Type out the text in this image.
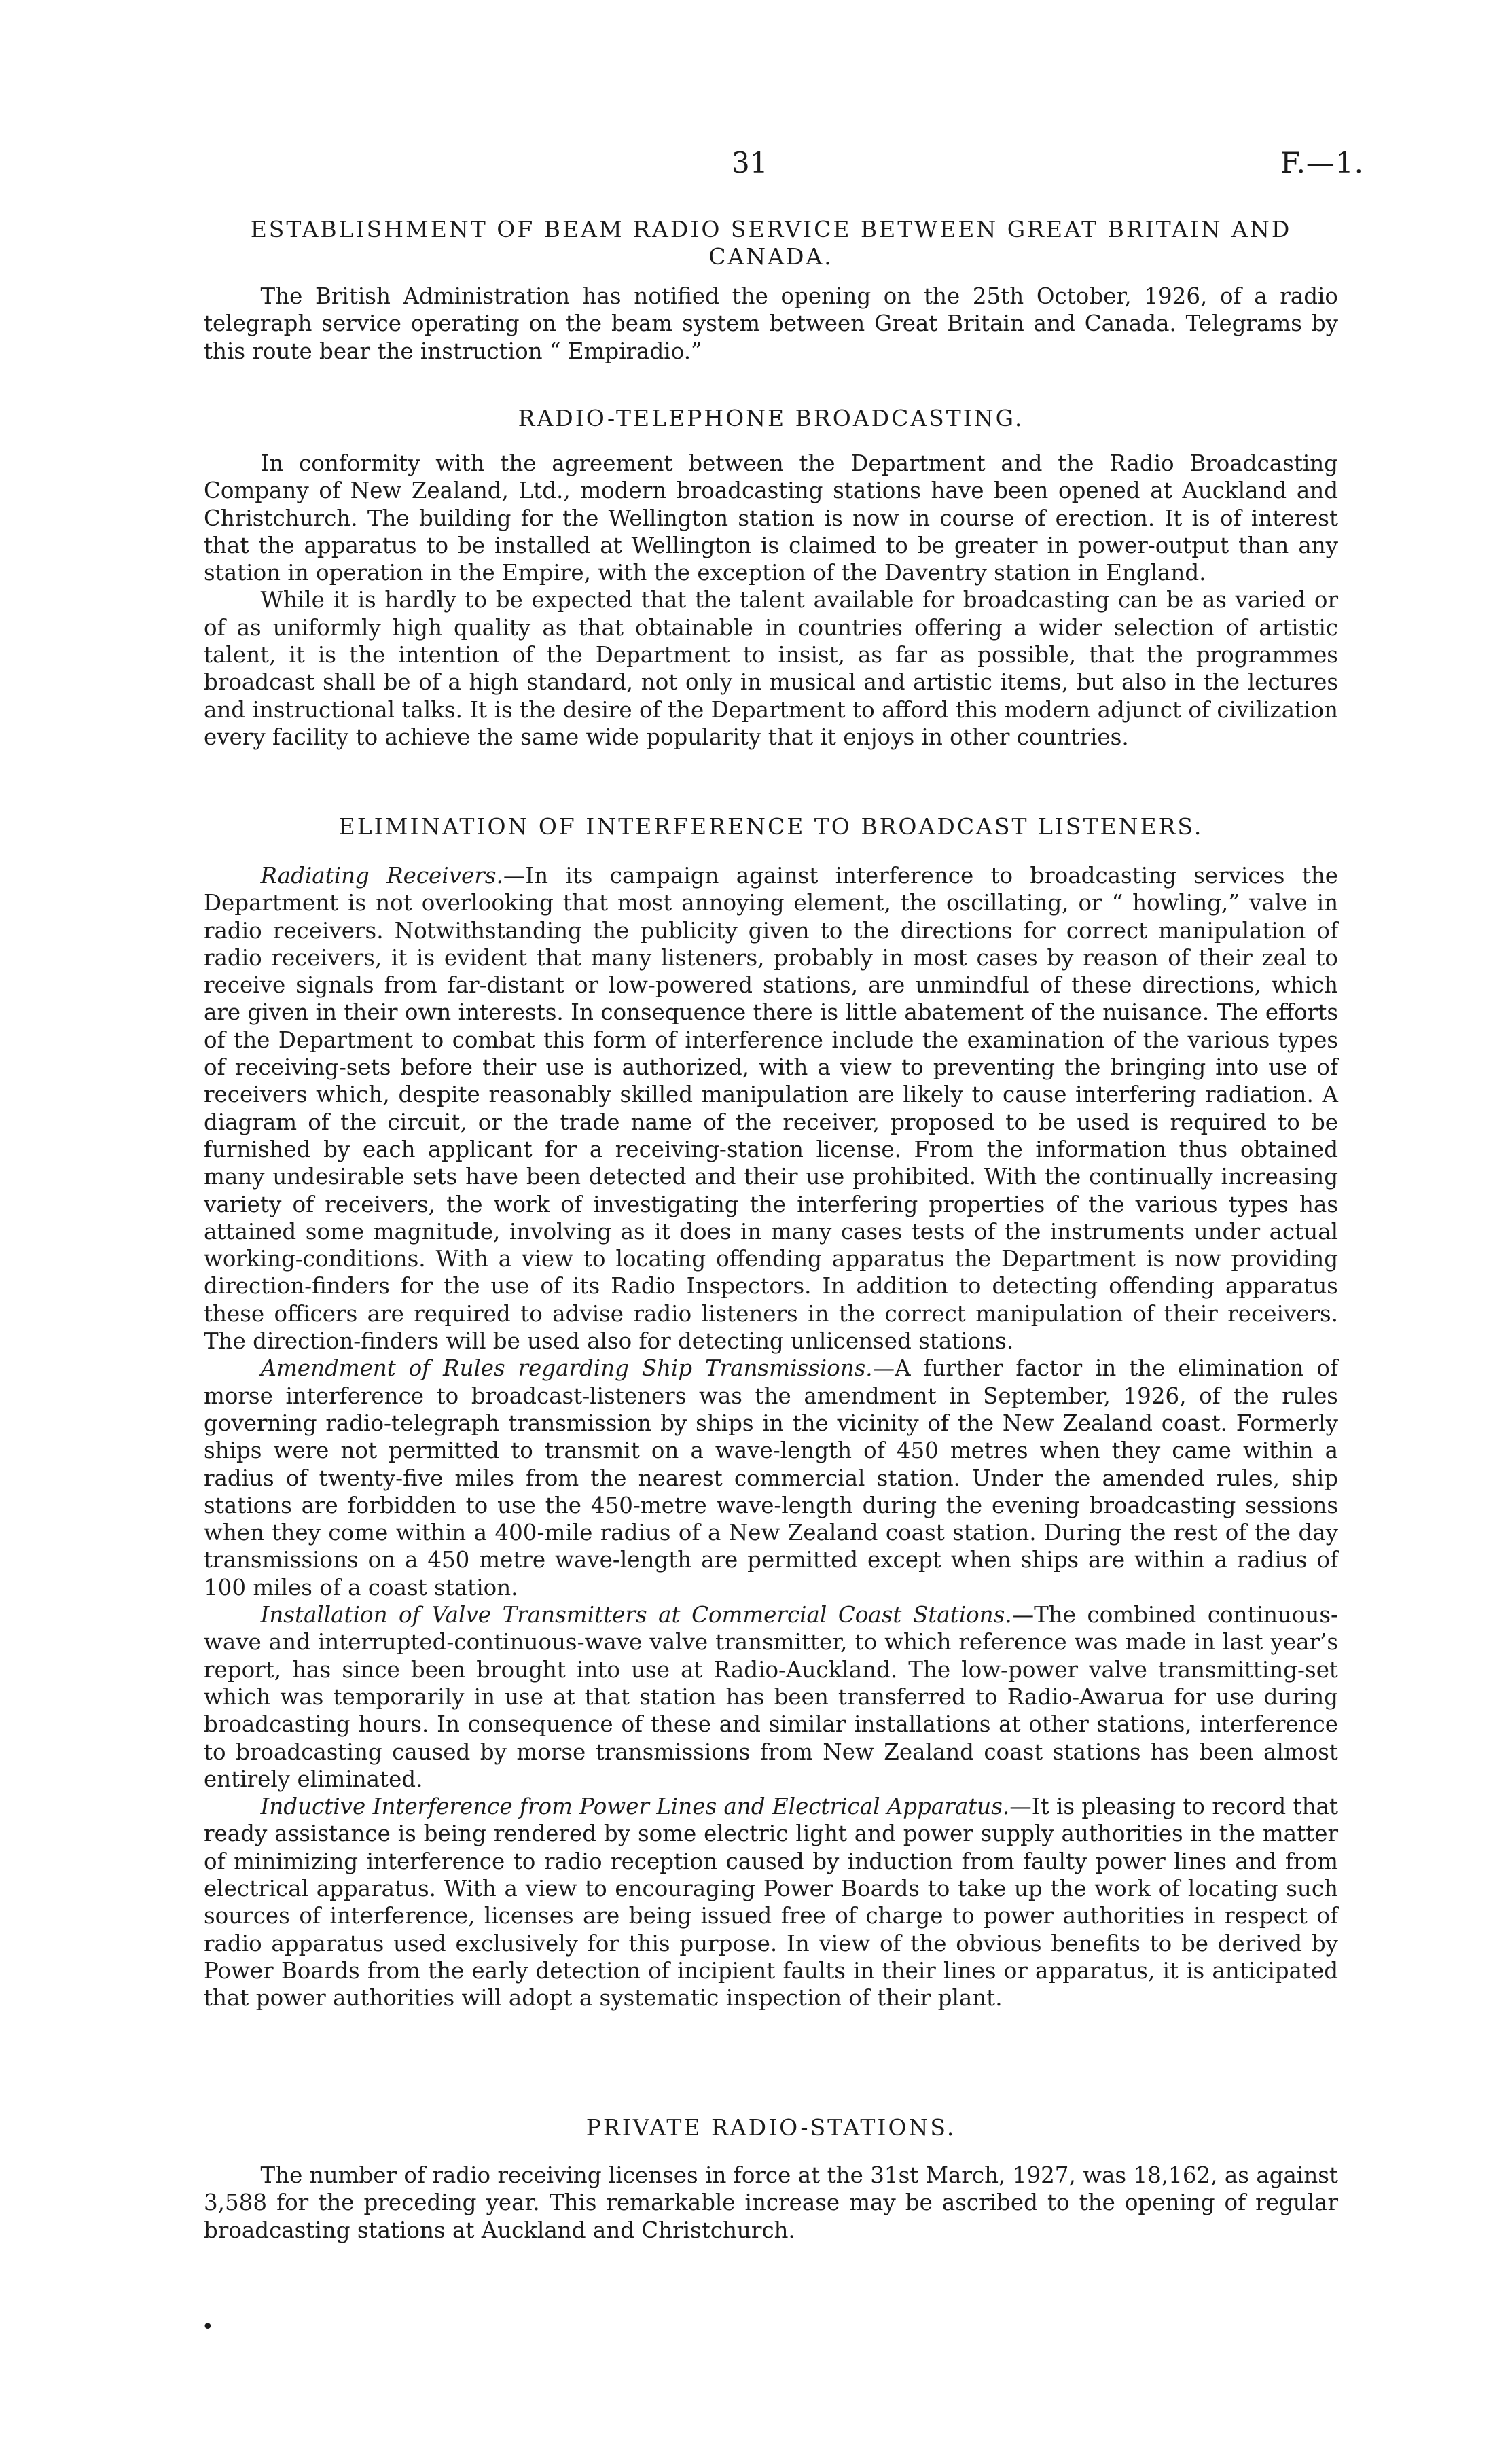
31	F.—1.
ESTABLISHMENT OF BEAM RADIO SERVICE BETWEEN GREAT BRITAIN AND CANADA.

The British Administration has notified the opening on the 25th October, 1926, of a radio telegraph service operating on the beam system between Great Britain and Canada. Telegrams by this route bear the instruction “ Empiradio.”

RADIO-TELEPHONE BROADCASTING.

In conformity with the agreement between the Department and the Radio Broadcasting Company of New Zealand, Ltd., modern broadcasting stations have been opened at Auckland and Christchurch. The building for the Wellington station is now in course of erection. It is of interest that the apparatus to be installed at Wellington is claimed to be greater in power-output than any station in operation in the Empire, with the exception of the Daventry station in England.

While it is hardly to be expected that the talent available for broadcasting can be as varied or of as uniformly high quality as that obtainable in countries offering a wider selection of artistic talent, it is the intention of the Department to insist, as far as possible, that the programmes broadcast shall be of a high standard, not only in musical and artistic items, but also in the lectures and instructional talks. It is the desire of the Department to afford this modern adjunct of civilization every facility to achieve the same wide popularity that it enjoys in other countries.

ELIMINATION OF INTERFERENCE TO BROADCAST LISTENERS.

Radiating Receivers.—In its campaign against interference to broadcasting services the Department is not overlooking that most annoying element, the oscillating, or “ howling,” valve in radio receivers. Notwithstanding the publicity given to the directions for correct manipulation of radio receivers, it is evident that many listeners, probably in most cases by reason of their zeal to receive signals from far-distant or low-powered stations, are unmindful of these directions, which are given in their own interests. In consequence there is little abatement of the nuisance. The efforts of the Department to combat this form of interference include the examination of the various types of receiving-sets before their use is authorized, with a view to preventing the bringing into use of receivers which, despite reasonably skilled manipulation are likely to cause interfering radiation. A diagram of the circuit, or the trade name of the receiver, proposed to be used is required to be furnished by each applicant for a receiving-station license. From the information thus obtained many undesirable sets have been detected and their use prohibited. With the continually increasing variety of receivers, the work of investigating the interfering properties of the various types has attained some magnitude, involving as it does in many cases tests of the instruments under actual working-conditions. With a view to locating offending apparatus the Department is now providing direction-finders for the use of its Radio Inspectors. In addition to detecting offending apparatus these officers are required to advise radio listeners in the correct manipulation of their receivers. The direction-finders will be used also for detecting unlicensed stations.

Amendment of Rules regarding Ship Transmissions.—A further factor in the elimination of morse interference to broadcast-listeners was the amendment in September, 1926, of the rules governing radio-telegraph transmission by ships in the vicinity of the New Zealand coast. Formerly ships were not permitted to transmit on a wave-length of 450 metres when they came within a radius of twenty-five miles from the nearest commercial station. Under the amended rules, ship stations are forbidden to use the 450-metre wave-length during the evening broadcasting sessions when they come within a 400-mile radius of a New Zealand coast station. During the rest of the day transmissions on a 450 metre wave-length are permitted except when ships are within a radius of 100 miles of a coast station.

Installation of Valve Transmitters at Commercial Coast Stations.—The combined continuous-wave and interrupted-continuous-wave valve transmitter, to which reference was made in last year’s report, has since been brought into use at Radio-Auckland. The low-power valve transmitting-set which was temporarily in use at that station has been transferred to Radio-Awarua for use during broadcasting hours. In consequence of these and similar installations at other stations, interference to broadcasting caused by morse transmissions from New Zealand coast stations has been almost entirely eliminated.

Inductive Interference from Power Lines and Electrical Apparatus.—It is pleasing to record that ready assistance is being rendered by some electric light and power supply authorities in the matter of minimizing interference to radio reception caused by induction from faulty power lines and from electrical apparatus. With a view to encouraging Power Boards to take up the work of locating such sources of interference, licenses are being issued free of charge to power authorities in respect of radio apparatus used exclusively for this purpose. In view of the obvious benefits to be derived by Power Boards from the early detection of incipient faults in their lines or apparatus, it is anticipated that power authorities will adopt a systematic inspection of their plant.

PRIVATE RADIO-STATIONS.

The number of radio receiving licenses in force at the 31st March, 1927, was 18,162, as against 3,588 for the preceding year. This remarkable increase may be ascribed to the opening of regular broadcasting stations at Auckland and Christchurch.

•
